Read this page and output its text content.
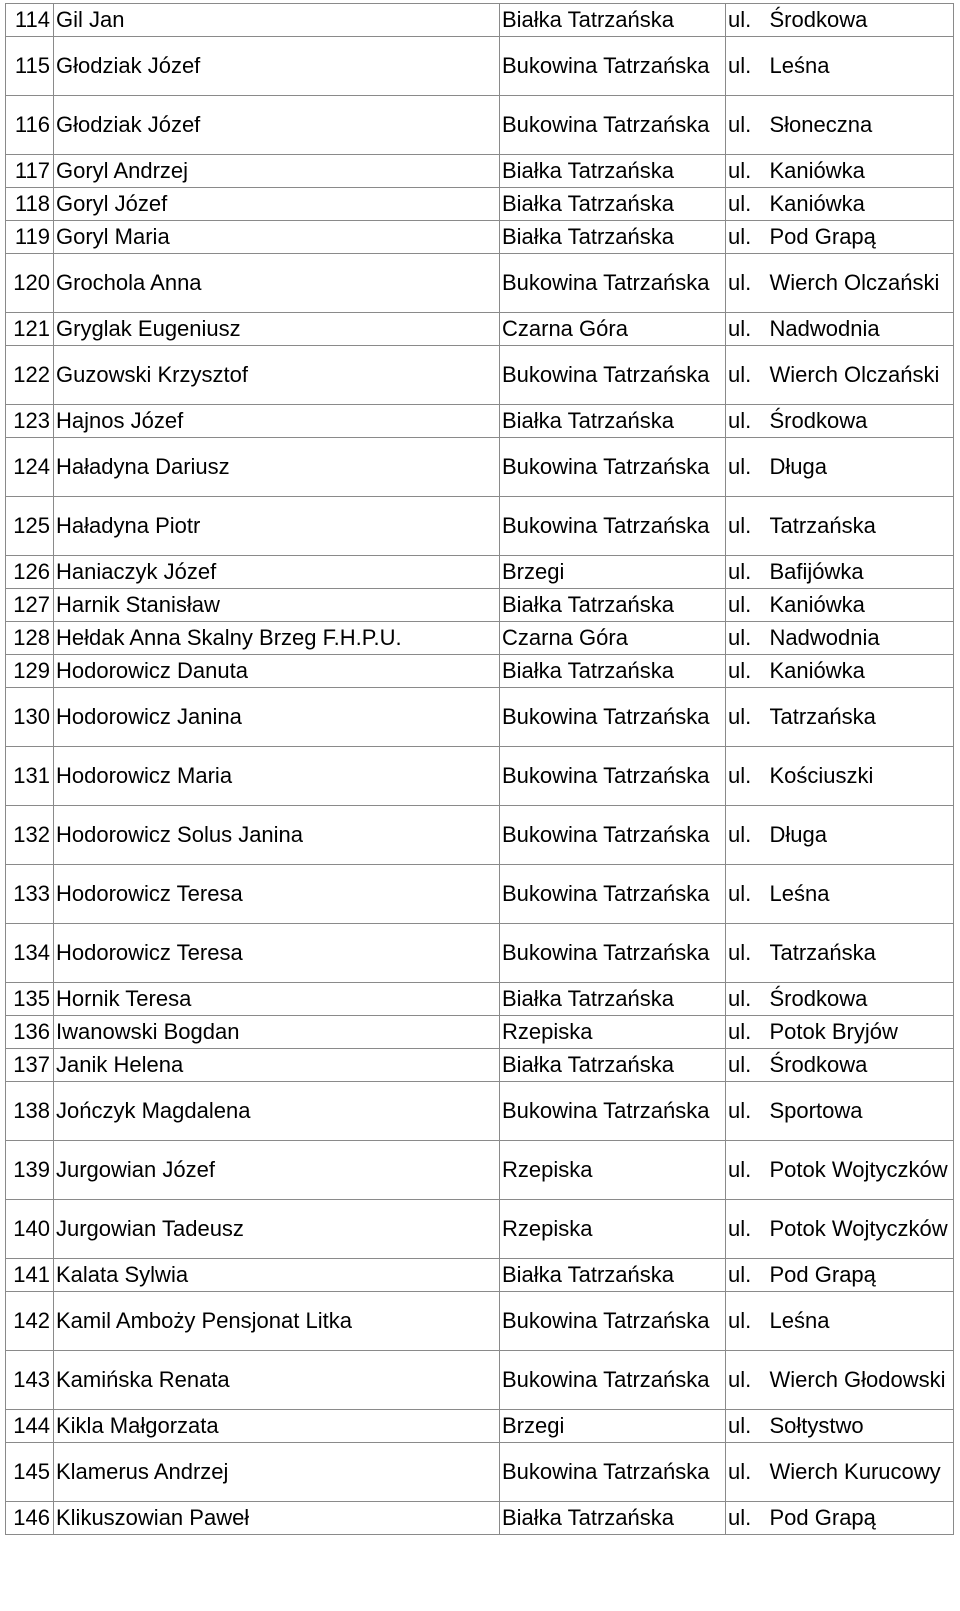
114	Gil Jan	Białka Tatrzańska	ul.	Środkowa
115	Głodziak Józef	Bukowina Tatrzańska	ul.	Leśna
116	Głodziak Józef	Bukowina Tatrzańska	ul.	Słoneczna
117	Goryl Andrzej	Białka Tatrzańska	ul.	Kaniówka
118	Goryl Józef	Białka Tatrzańska	ul.	Kaniówka
119	Goryl Maria	Białka Tatrzańska	ul.	Pod Grapą
120	Grochola Anna	Bukowina Tatrzańska	ul.	Wierch Olczański
121	Gryglak Eugeniusz	Czarna Góra	ul.	Nadwodnia
122	Guzowski Krzysztof	Bukowina Tatrzańska	ul.	Wierch Olczański
123	Hajnos Józef	Białka Tatrzańska	ul.	Środkowa
124	Haładyna Dariusz	Bukowina Tatrzańska	ul.	Długa
125	Haładyna Piotr	Bukowina Tatrzańska	ul.	Tatrzańska
126	Haniaczyk Józef	Brzegi	ul.	Bafijówka
127	Harnik Stanisław	Białka Tatrzańska	ul.	Kaniówka
128	Hełdak Anna Skalny Brzeg F.H.P.U.	Czarna Góra	ul.	Nadwodnia
129	Hodorowicz Danuta	Białka Tatrzańska	ul.	Kaniówka
130	Hodorowicz Janina	Bukowina Tatrzańska	ul.	Tatrzańska
131	Hodorowicz Maria	Bukowina Tatrzańska	ul.	Kościuszki
132	Hodorowicz Solus Janina	Bukowina Tatrzańska	ul.	Długa
133	Hodorowicz Teresa	Bukowina Tatrzańska	ul.	Leśna
134	Hodorowicz Teresa	Bukowina Tatrzańska	ul.	Tatrzańska
135	Hornik Teresa	Białka Tatrzańska	ul.	Środkowa
136	Iwanowski Bogdan	Rzepiska	ul.	Potok Bryjów
137	Janik Helena	Białka Tatrzańska	ul.	Środkowa
138	Jończyk Magdalena	Bukowina Tatrzańska	ul.	Sportowa
139	Jurgowian Józef	Rzepiska	ul.	Potok Wojtyczków
140	Jurgowian Tadeusz	Rzepiska	ul.	Potok Wojtyczków
141	Kalata Sylwia	Białka Tatrzańska	ul.	Pod Grapą
142	Kamil Ambożу Pensjonat Litka	Bukowina Tatrzańska	ul.	Leśna
143	Kamińska Renata	Bukowina Tatrzańska	ul.	Wierch Głodowski
144	Kikla Małgorzata	Brzegi	ul.	Sołtystwo
145	Klamerus Andrzej	Bukowina Tatrzańska	ul.	Wierch Kurucowy
146	Klikuszowian Paweł	Białka Tatrzańska	ul.	Pod Grapą
